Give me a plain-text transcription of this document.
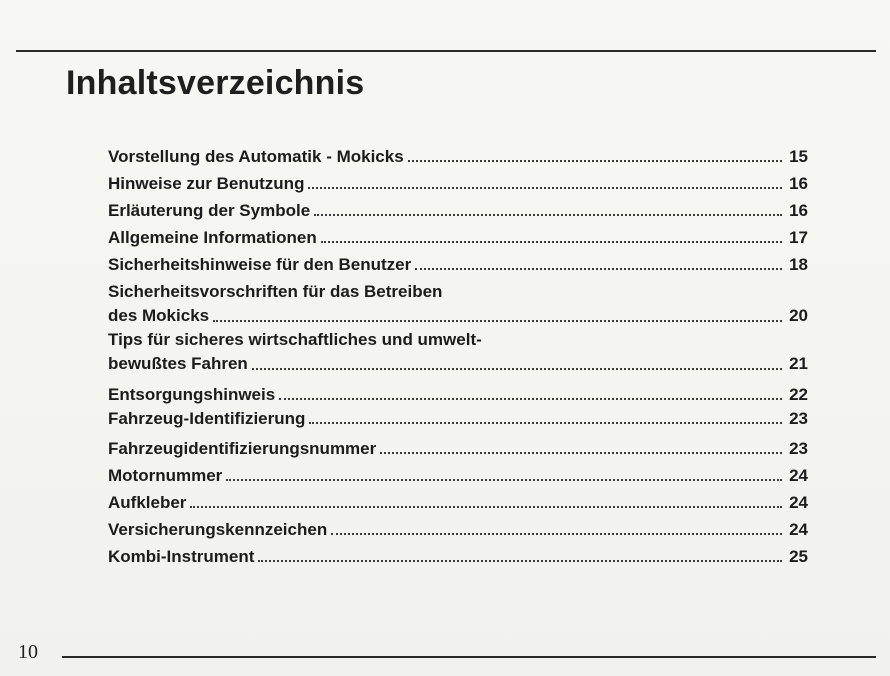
Inhaltsverzeichnis
Vorstellung des Automatik - Mokicks	15
Hinweise zur Benutzung	16
Erläuterung der Symbole	16
Allgemeine Informationen	17
Sicherheitshinweise für den Benutzer	18
Sicherheitsvorschriften für das Betreiben
des Mokicks	20
Tips für sicheres wirtschaftliches und umwelt-
bewußtes Fahren	21
Entsorgungshinweis	22
Fahrzeug-Identifizierung	23
Fahrzeugidentifizierungsnummer	23
Motornummer	24
Aufkleber	24
Versicherungskennzeichen	24
Kombi-Instrument	25
10
